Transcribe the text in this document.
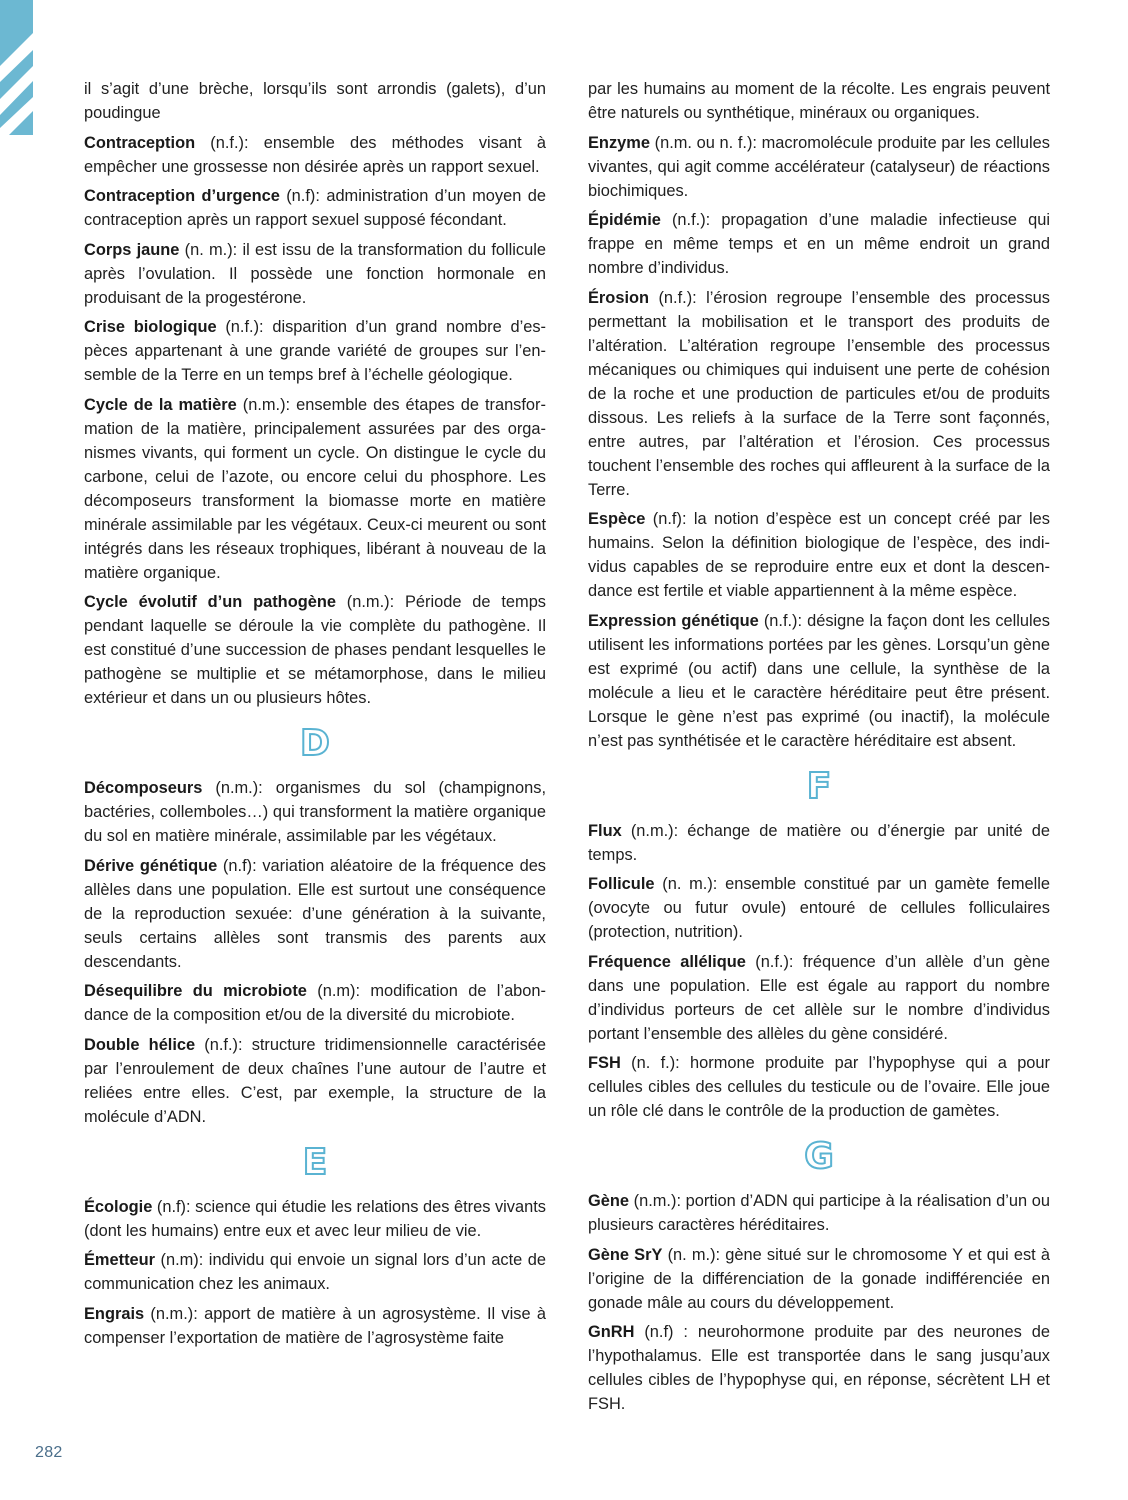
il s’agit d’une brèche, lorsqu’ils sont arrondis (galets), d’un poudingue

Contraception (n.f.): ensemble des méthodes visant à empêcher une grossesse non désirée après un rapport sexuel.

Contraception d’urgence (n.f): administration d’un moyen de contraception après un rapport sexuel supposé fécondant.

Corps jaune (n. m.): il est issu de la transformation du follicule après l’ovulation. Il possède une fonction hormonale en produisant de la progestérone.

Crise biologique (n.f.): disparition d’un grand nombre d’espèces appartenant à une grande variété de groupes sur l’ensemble de la Terre en un temps bref à l’échelle géologique.

Cycle de la matière (n.m.): ensemble des étapes de transformation de la matière, principalement assurées par des organismes vivants, qui forment un cycle. On distingue le cycle du carbone, celui de l’azote, ou encore celui du phosphore. Les décomposeurs transforment la biomasse morte en matière minérale assimilable par les végétaux. Ceux-ci meurent ou sont intégrés dans les réseaux trophiques, libérant à nouveau de la matière organique.

Cycle évolutif d’un pathogène (n.m.): Période de temps pendant laquelle se déroule la vie complète du pathogène. Il est constitué d’une succession de phases pendant lesquelles le pathogène se multiplie et se métamorphose, dans le milieu extérieur et dans un ou plusieurs hôtes.

D

Décomposeurs (n.m.): organismes du sol (champignons, bactéries, collemboles…) qui transforment la matière organique du sol en matière minérale, assimilable par les végétaux.

Dérive génétique (n.f): variation aléatoire de la fréquence des allèles dans une population. Elle est surtout une conséquence de la reproduction sexuée: d’une génération à la suivante, seuls certains allèles sont transmis des parents aux descendants.

Désequilibre du microbiote (n.m): modification de l’abondance de la composition et/ou de la diversité du microbiote.

Double hélice (n.f.): structure tridimensionnelle caractérisée par l’enroulement de deux chaînes l’une autour de l’autre et reliées entre elles. C’est, par exemple, la structure de la molécule d’ADN.

E

Écologie (n.f): science qui étudie les relations des êtres vivants (dont les humains) entre eux et avec leur milieu de vie.

Émetteur (n.m): individu qui envoie un signal lors d’un acte de communication chez les animaux.

Engrais (n.m.): apport de matière à un agrosystème. Il vise à compenser l’exportation de matière de l’agrosystème faite

par les humains au moment de la récolte. Les engrais peuvent être naturels ou synthétique, minéraux ou organiques.

Enzyme (n.m. ou n. f.): macromolécule produite par les cellules vivantes, qui agit comme accélérateur (catalyseur) de réactions biochimiques.

Épidémie (n.f.): propagation d’une maladie infectieuse qui frappe en même temps et en un même endroit un grand nombre d’individus.

Érosion (n.f.): l’érosion regroupe l’ensemble des processus permettant la mobilisation et le transport des produits de l’altération. L’altération regroupe l’ensemble des processus mécaniques ou chimiques qui induisent une perte de cohésion de la roche et une production de particules et/ou de produits dissous. Les reliefs à la surface de la Terre sont façonnés, entre autres, par l’altération et l’érosion. Ces processus touchent l’ensemble des roches qui affleurent à la surface de la Terre.

Espèce (n.f): la notion d’espèce est un concept créé par les humains. Selon la définition biologique de l’espèce, des individus capables de se reproduire entre eux et dont la descendance est fertile et viable appartiennent à la même espèce.

Expression génétique (n.f.): désigne la façon dont les cellules utilisent les informations portées par les gènes. Lorsqu’un gène est exprimé (ou actif) dans une cellule, la synthèse de la molécule a lieu et le caractère héréditaire peut être présent. Lorsque le gène n’est pas exprimé (ou inactif), la molécule n’est pas synthétisée et le caractère héréditaire est absent.

F

Flux (n.m.): échange de matière ou d’énergie par unité de temps.

Follicule (n. m.): ensemble constitué par un gamète femelle (ovocyte ou futur ovule) entouré de cellules folliculaires (protection, nutrition).

Fréquence allélique (n.f.): fréquence d’un allèle d’un gène dans une population. Elle est égale au rapport du nombre d’individus porteurs de cet allèle sur le nombre d’individus portant l’ensemble des allèles du gène considéré.

FSH (n. f.): hormone produite par l’hypophyse qui a pour cellules cibles des cellules du testicule ou de l’ovaire. Elle joue un rôle clé dans le contrôle de la production de gamètes.

G

Gène (n.m.): portion d’ADN qui participe à la réalisation d’un ou plusieurs caractères héréditaires.

Gène SrY (n. m.): gène situé sur le chromosome Y et qui est à l’origine de la différenciation de la gonade indifférenciée en gonade mâle au cours du développement.

GnRH (n.f) : neurohormone produite par des neurones de l’hypothalamus. Elle est transportée dans le sang jusqu’aux cellules cibles de l’hypophyse qui, en réponse, sécrètent LH et FSH.

282
